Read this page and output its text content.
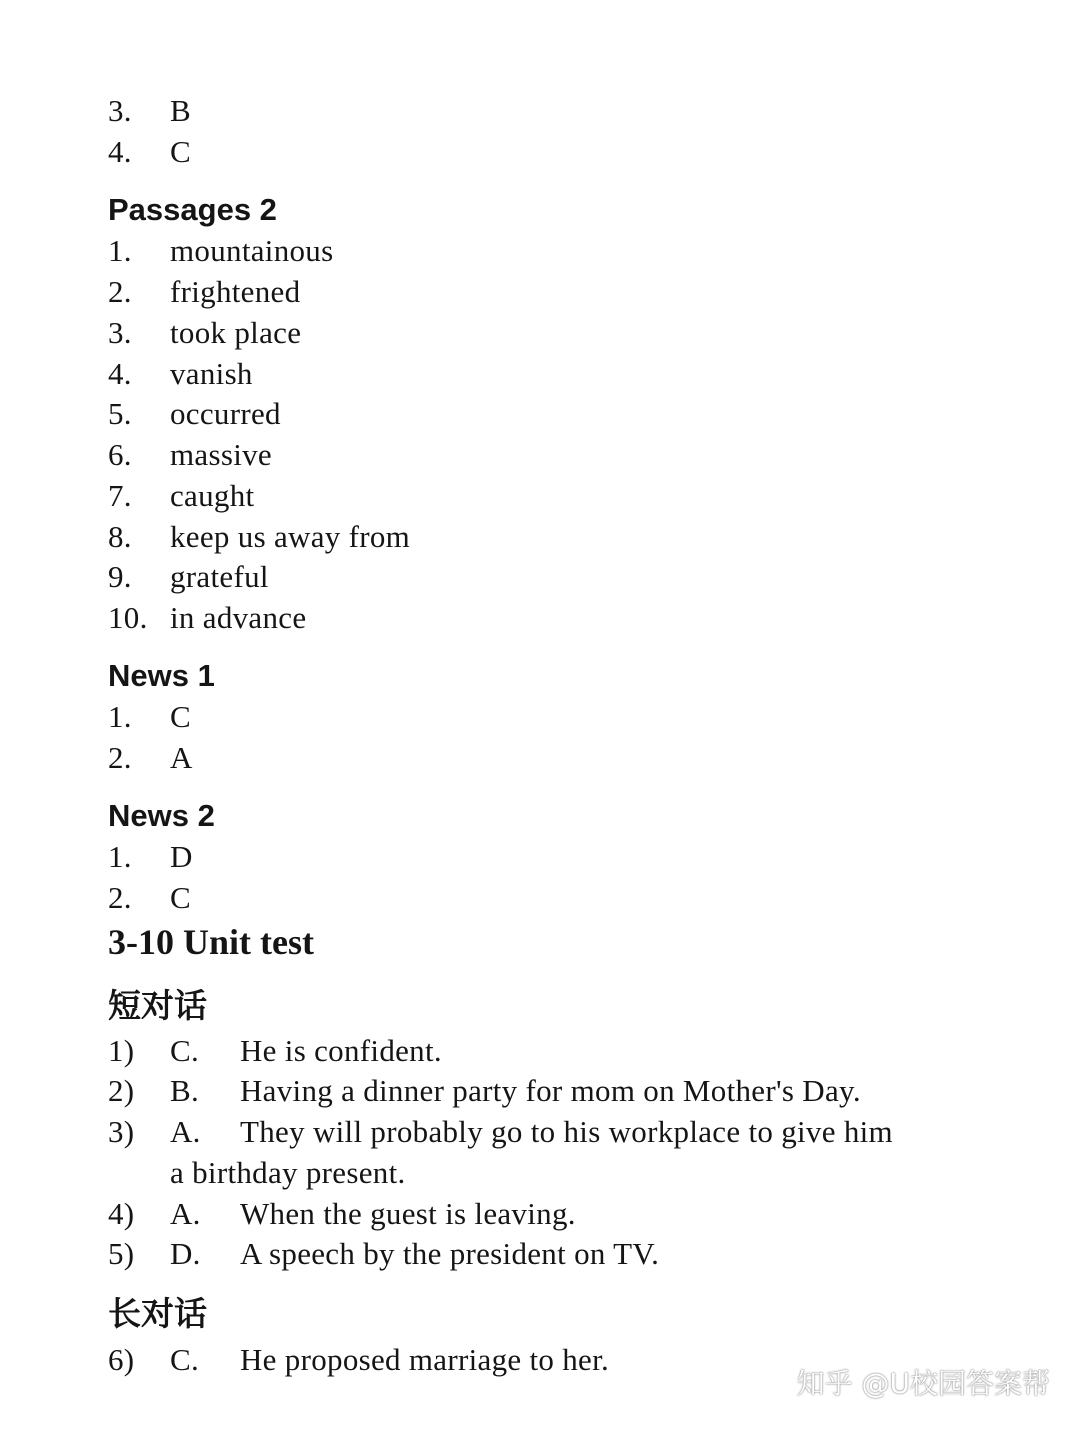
3. B
4. C
Passages 2
1. mountainous
2. frightened
3. took place
4. vanish
5. occurred
6. massive
7. caught
8. keep us away from
9. grateful
10. in advance
News 1
1. C
2. A
News 2
1. D
2. C
3-10 Unit test
短对话
1) C. He is confident.
2) B. Having a dinner party for mom on Mother's Day.
3) A. They will probably go to his workplace to give him
a birthday present.
4) A. When the guest is leaving.
5) D. A speech by the president on TV.
长对话
6) C. He proposed marriage to her.
知乎 @U校园答案帮
